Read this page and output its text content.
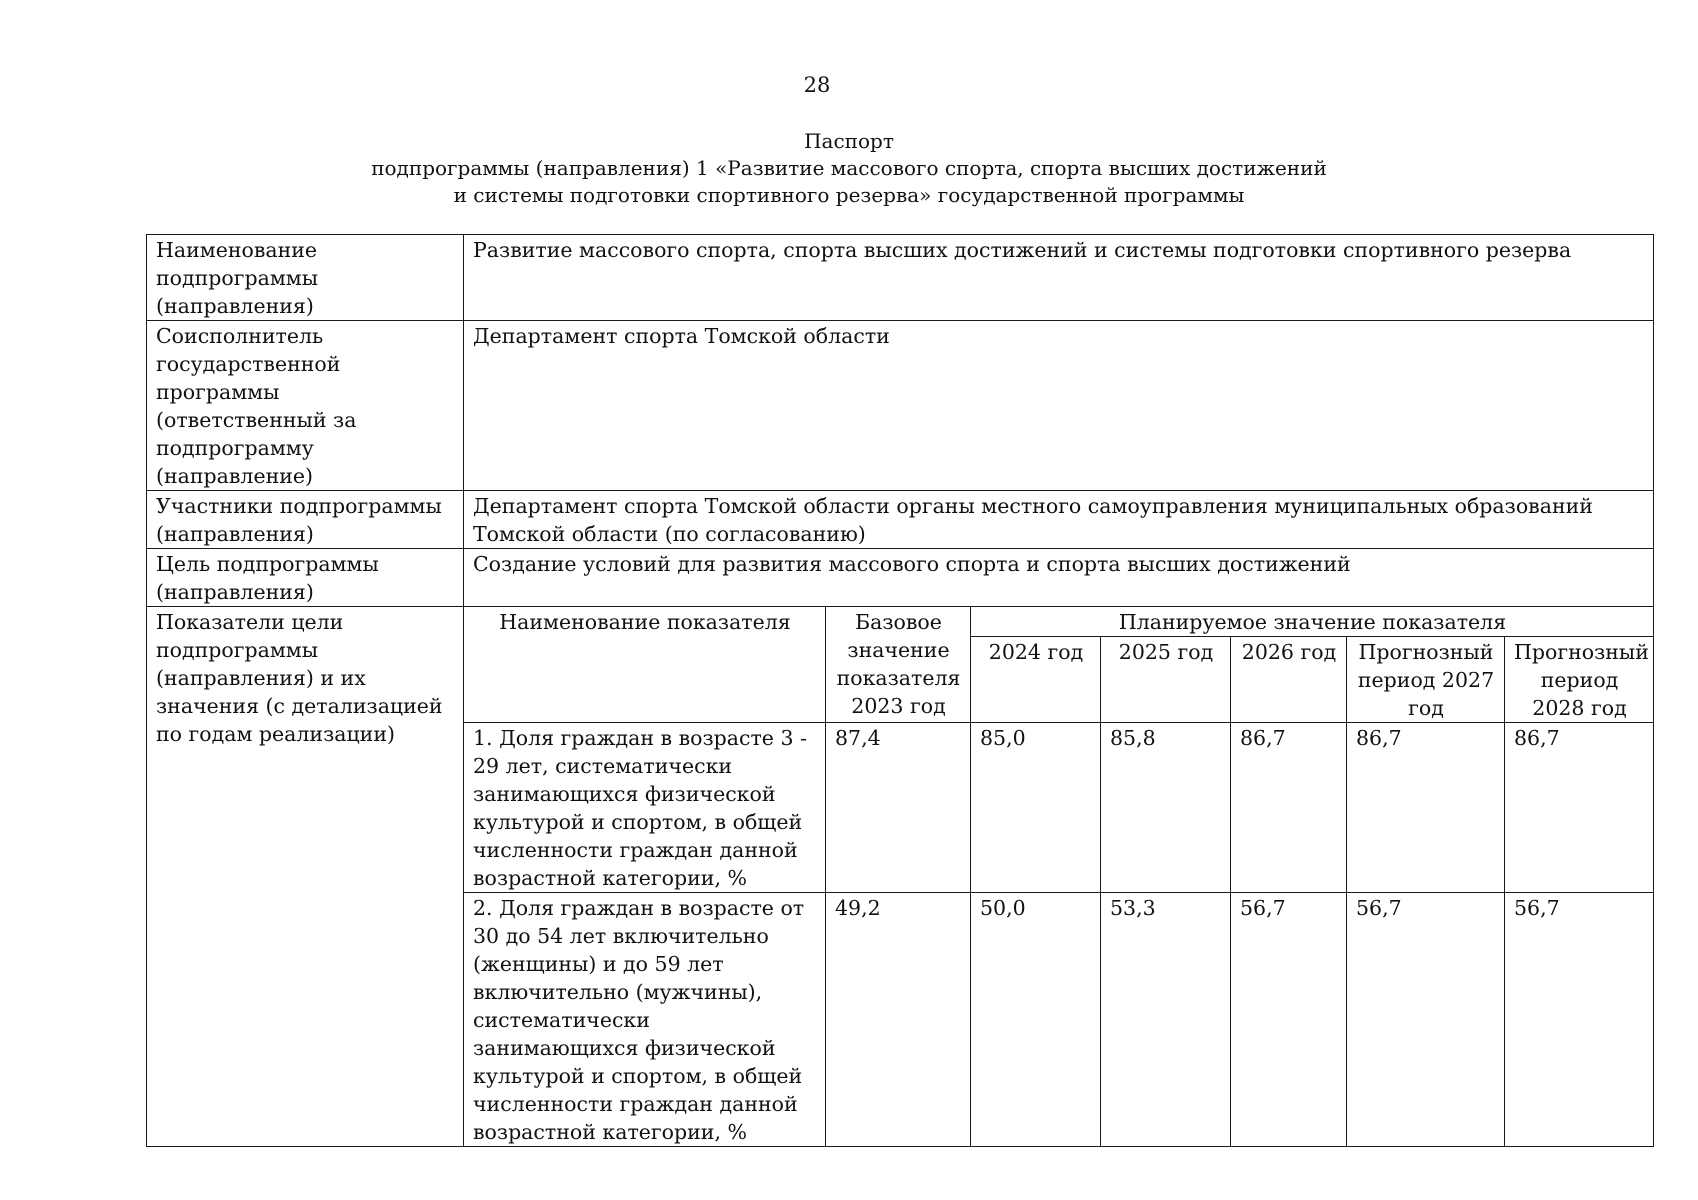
28
Паспорт
подпрограммы (направления) 1 «Развитие массового спорта, спорта высших достижений
и системы подготовки спортивного резерва» государственной программы
Наименование подпрограммы (направления)	Развитие массового спорта, спорта высших достижений и системы подготовки спортивного резерва						
Соисполнитель государственной программы (ответственный за подпрограмму (направление)	Департамент спорта Томской области						
Участники подпрограммы (направления)	Департамент спорта Томской области органы местного самоуправления муниципальных образований Томской области (по согласованию)						
Цель подпрограммы (направления)	Создание условий для развития массового спорта и спорта высших достижений						
Показатели цели подпрограммы (направления) и их значения (с детализацией по годам реализации)	Наименование показателя	Базовое значение показателя 2023 год	Планируемое значение показателя				
			2024 год	2025 год	2026 год	Прогнозный период 2027 год	Прогнозный период 2028 год
	1. Доля граждан в возрасте 3 - 29 лет, систематически занимающихся физической культурой и спортом, в общей численности граждан данной возрастной категории, %	87,4	85,0	85,8	86,7	86,7	86,7
	2. Доля граждан в возрасте от 30 до 54 лет включительно (женщины) и до 59 лет включительно (мужчины), систематически занимающихся физической культурой и спортом, в общей численности граждан данной возрастной категории, %	49,2	50,0	53,3	56,7	56,7	56,7
